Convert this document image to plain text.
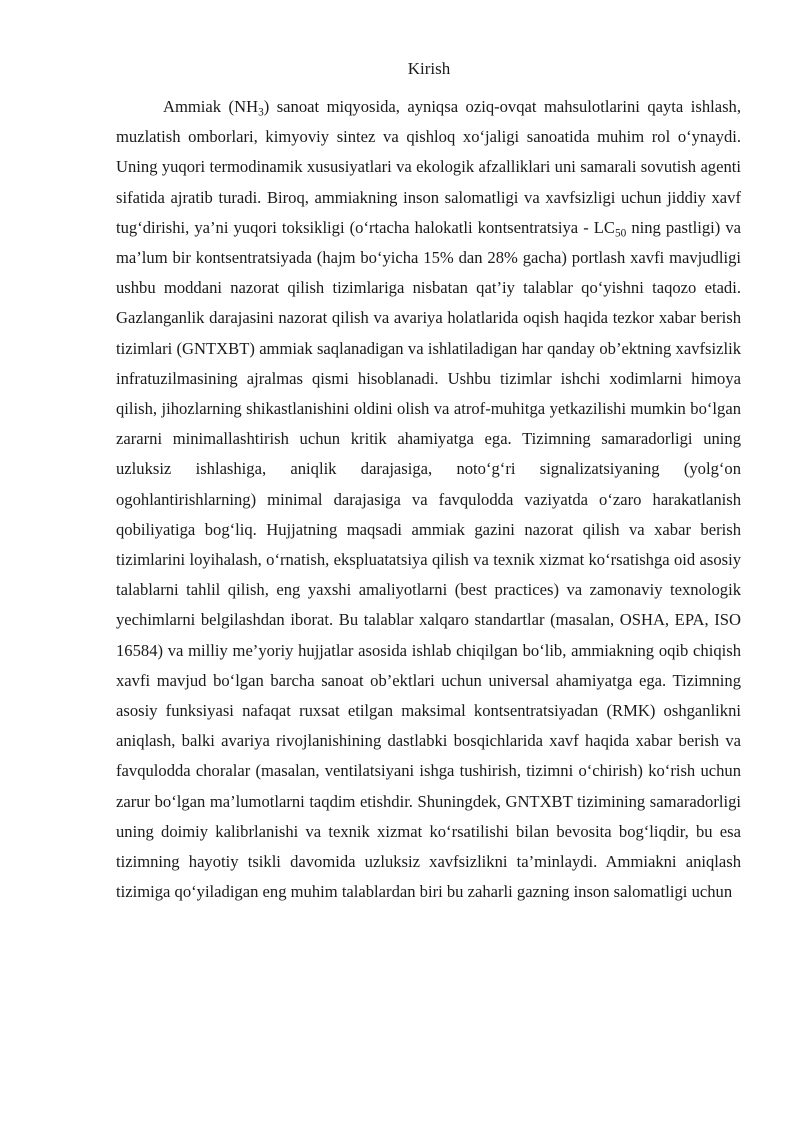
Kirish

Ammiak $(NH_3)$ sanoat miqyosida, ayniqsa oziq-ovqat mahsulotlarini qayta ishlash, muzlatish omborlari, kimyoviy sintez va qishloq xo‘jaligi sanoatida muhim rol o‘ynaydi. Uning yuqori termodinamik xususiyatlari va ekologik afzalliklari uni samarali sovutish agenti sifatida ajratib turadi. Biroq, ammiakning inson salomatligi va xavfsizligi uchun jiddiy xavf tug‘dirishi, ya’ni yuqori toksikligi (o‘rtacha halokatli kontsentratsiya - $LC_{50}$ ning pastligi) va ma’lum bir kontsentratsiyada (hajm bo‘yicha 15% dan 28% gacha) portlash xavfi mavjudligi ushbu moddani nazorat qilish tizimlariga nisbatan qat’iy talablar qo‘yishni taqozo etadi. Gazlanganlik darajasini nazorat qilish va avariya holatlarida oqish haqida tezkor xabar berish tizimlari (GNTXBT) ammiak saqlanadigan va ishlatiladigan har qanday ob’ektning xavfsizlik infratuzilmasining ajralmas qismi hisoblanadi. Ushbu tizimlar ishchi xodimlarni himoya qilish, jihozlarning shikastlanishini oldini olish va atrof-muhitga yetkazilishi mumkin bo‘lgan zararni minimallashtirish uchun kritik ahamiyatga ega. Tizimning samaradorligi uning uzluksiz ishlashiga, aniqlik darajasiga, noto‘g‘ri signalizatsiyaning (yolg‘on ogohlantirishlarning) minimal darajasiga va favqulodda vaziyatda o‘zaro harakatlanish qobiliyatiga bog‘liq. Hujjatning maqsadi ammiak gazini nazorat qilish va xabar berish tizimlarini loyihalash, o‘rnatish, ekspluatatsiya qilish va texnik xizmat ko‘rsatishga oid asosiy talablarni tahlil qilish, eng yaxshi amaliyotlarni (best practices) va zamonaviy texnologik yechimlarni belgilashdan iborat. Bu talablar xalqaro standartlar (masalan, OSHA, EPA, ISO 16584) va milliy me’yoriy hujjatlar asosida ishlab chiqilgan bo‘lib, ammiakning oqib chiqish xavfi mavjud bo‘lgan barcha sanoat ob’ektlari uchun universal ahamiyatga ega. Tizimning asosiy funksiyasi nafaqat ruxsat etilgan maksimal kontsentratsiyadan (RMK) oshganlikni aniqlash, balki avariya rivojlanishining dastlabki bosqichlarida xavf haqida xabar berish va favqulodda choralar (masalan, ventilatsiyani ishga tushirish, tizimni o‘chirish) ko‘rish uchun zarur bo‘lgan ma’lumotlarni taqdim etishdir. Shuningdek, GNTXBT tizimining samaradorligi uning doimiy kalibrlanishi va texnik xizmat ko‘rsatilishi bilan bevosita bog‘liqdir, bu esa tizimning hayotiy tsikli davomida uzluksiz xavfsizlikni ta’minlaydi. Ammiakni aniqlash tizimiga qo‘yiladigan eng muhim talablardan biri bu zaharli gazning inson salomatligi uchun
